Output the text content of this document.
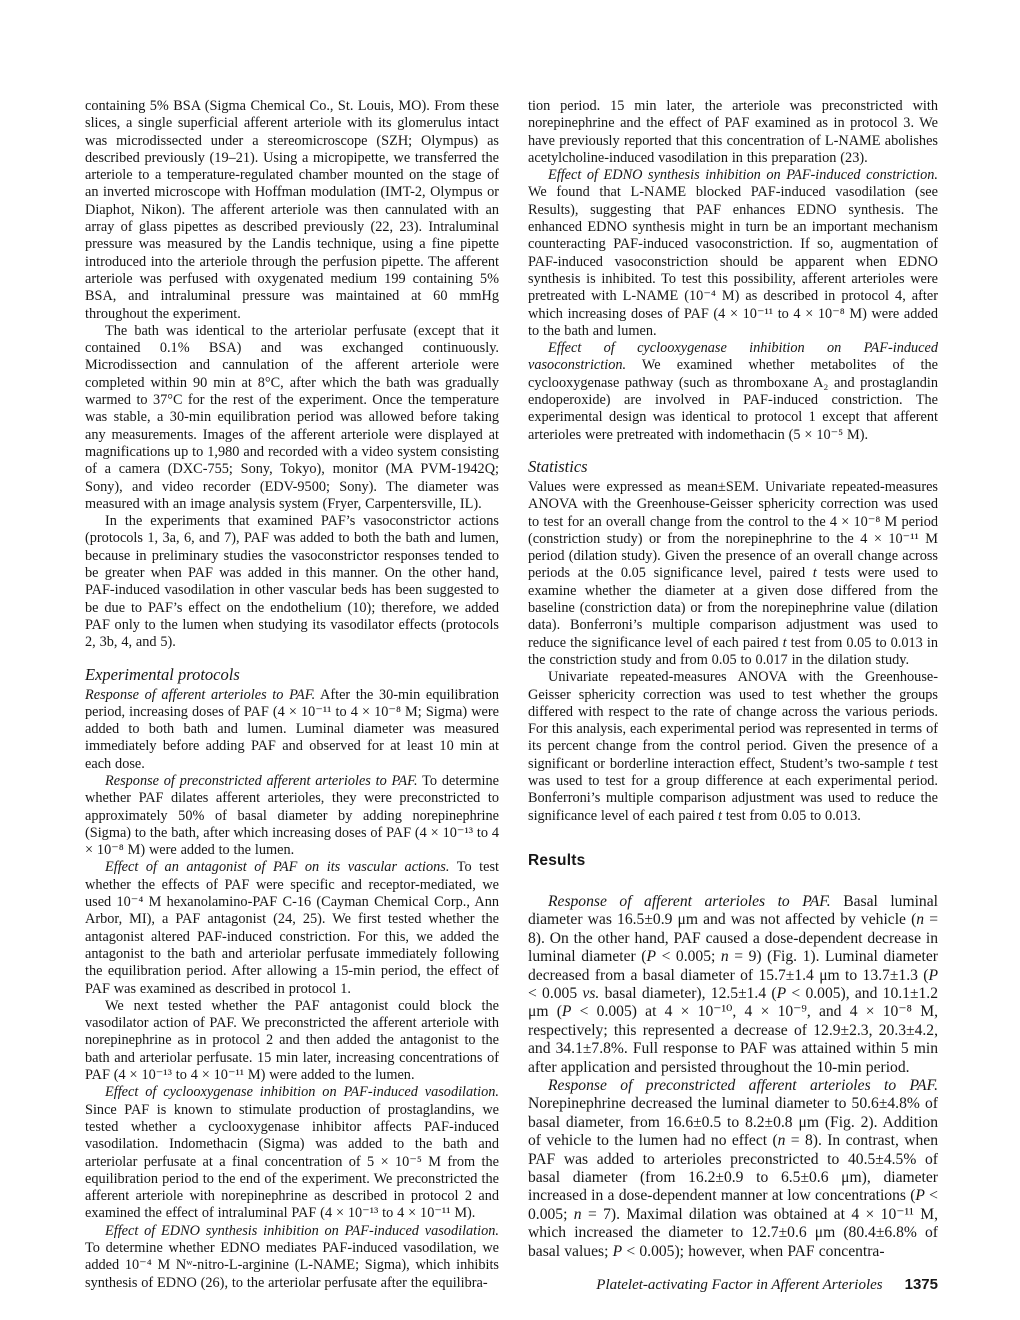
containing 5% BSA (Sigma Chemical Co., St. Louis, MO). From these slices, a single superficial afferent arteriole with its glomerulus intact was microdissected under a stereomicroscope (SZH; Olympus) as described previously (19–21). Using a micropipette, we transferred the arteriole to a temperature-regulated chamber mounted on the stage of an inverted microscope with Hoffman modulation (IMT-2, Olympus or Diaphot, Nikon). The afferent arteriole was then cannulated with an array of glass pipettes as described previously (22, 23). Intraluminal pressure was measured by the Landis technique, using a fine pipette introduced into the arteriole through the perfusion pipette. The afferent arteriole was perfused with oxygenated medium 199 containing 5% BSA, and intraluminal pressure was maintained at 60 mmHg throughout the experiment.

The bath was identical to the arteriolar perfusate (except that it contained 0.1% BSA) and was exchanged continuously. Microdissection and cannulation of the afferent arteriole were completed within 90 min at 8°C, after which the bath was gradually warmed to 37°C for the rest of the experiment. Once the temperature was stable, a 30-min equilibration period was allowed before taking any measurements. Images of the afferent arteriole were displayed at magnifications up to 1,980 and recorded with a video system consisting of a camera (DXC-755; Sony, Tokyo), monitor (MA PVM-1942Q; Sony), and video recorder (EDV-9500; Sony). The diameter was measured with an image analysis system (Fryer, Carpentersville, IL).

In the experiments that examined PAF’s vasoconstrictor actions (protocols 1, 3a, 6, and 7), PAF was added to both the bath and lumen, because in preliminary studies the vasoconstrictor responses tended to be greater when PAF was added in this manner. On the other hand, PAF-induced vasodilation in other vascular beds has been suggested to be due to PAF’s effect on the endothelium (10); therefore, we added PAF only to the lumen when studying its vasodilator effects (protocols 2, 3b, 4, and 5).

Experimental protocols

Response of afferent arterioles to PAF. After the 30-min equilibration period, increasing doses of PAF (4 × 10⁻¹¹ to 4 × 10⁻⁸ M; Sigma) were added to both bath and lumen. Luminal diameter was measured immediately before adding PAF and observed for at least 10 min at each dose.

Response of preconstricted afferent arterioles to PAF. To determine whether PAF dilates afferent arterioles, they were preconstricted to approximately 50% of basal diameter by adding norepinephrine (Sigma) to the bath, after which increasing doses of PAF (4 × 10⁻¹³ to 4 × 10⁻⁸ M) were added to the lumen.

Effect of an antagonist of PAF on its vascular actions. To test whether the effects of PAF were specific and receptor-mediated, we used 10⁻⁴ M hexanolamino-PAF C-16 (Cayman Chemical Corp., Ann Arbor, MI), a PAF antagonist (24, 25). We first tested whether the antagonist altered PAF-induced constriction. For this, we added the antagonist to the bath and arteriolar perfusate immediately following the equilibration period. After allowing a 15-min period, the effect of PAF was examined as described in protocol 1.

We next tested whether the PAF antagonist could block the vasodilator action of PAF. We preconstricted the afferent arteriole with norepinephrine as in protocol 2 and then added the antagonist to the bath and arteriolar perfusate. 15 min later, increasing concentrations of PAF (4 × 10⁻¹³ to 4 × 10⁻¹¹ M) were added to the lumen.

Effect of cyclooxygenase inhibition on PAF-induced vasodilation. Since PAF is known to stimulate production of prostaglandins, we tested whether a cyclooxygenase inhibitor affects PAF-induced vasodilation. Indomethacin (Sigma) was added to the bath and arteriolar perfusate at a final concentration of 5 × 10⁻⁵ M from the equilibration period to the end of the experiment. We preconstricted the afferent arteriole with norepinephrine as described in protocol 2 and examined the effect of intraluminal PAF (4 × 10⁻¹³ to 4 × 10⁻¹¹ M).

Effect of EDNO synthesis inhibition on PAF-induced vasodilation. To determine whether EDNO mediates PAF-induced vasodilation, we added 10⁻⁴ M Nʷ-nitro-L-arginine (L-NAME; Sigma), which inhibits synthesis of EDNO (26), to the arteriolar perfusate after the equilibra-

tion period. 15 min later, the arteriole was preconstricted with norepinephrine and the effect of PAF examined as in protocol 3. We have previously reported that this concentration of L-NAME abolishes acetylcholine-induced vasodilation in this preparation (23).

Effect of EDNO synthesis inhibition on PAF-induced constriction. We found that L-NAME blocked PAF-induced vasodilation (see Results), suggesting that PAF enhances EDNO synthesis. The enhanced EDNO synthesis might in turn be an important mechanism counteracting PAF-induced vasoconstriction. If so, augmentation of PAF-induced vasoconstriction should be apparent when EDNO synthesis is inhibited. To test this possibility, afferent arterioles were pretreated with L-NAME (10⁻⁴ M) as described in protocol 4, after which increasing doses of PAF (4 × 10⁻¹¹ to 4 × 10⁻⁸ M) were added to the bath and lumen.

Effect of cyclooxygenase inhibition on PAF-induced vasoconstriction. We examined whether metabolites of the cyclooxygenase pathway (such as thromboxane A₂ and prostaglandin endoperoxide) are involved in PAF-induced constriction. The experimental design was identical to protocol 1 except that afferent arterioles were pretreated with indomethacin (5 × 10⁻⁵ M).

Statistics

Values were expressed as mean±SEM. Univariate repeated-measures ANOVA with the Greenhouse-Geisser sphericity correction was used to test for an overall change from the control to the 4 × 10⁻⁸ M period (constriction study) or from the norepinephrine to the 4 × 10⁻¹¹ M period (dilation study). Given the presence of an overall change across periods at the 0.05 significance level, paired t tests were used to examine whether the diameter at a given dose differed from the baseline (constriction data) or from the norepinephrine value (dilation data). Bonferroni’s multiple comparison adjustment was used to reduce the significance level of each paired t test from 0.05 to 0.013 in the constriction study and from 0.05 to 0.017 in the dilation study.

Univariate repeated-measures ANOVA with the Greenhouse-Geisser sphericity correction was used to test whether the groups differed with respect to the rate of change across the various periods. For this analysis, each experimental period was represented in terms of its percent change from the control period. Given the presence of a significant or borderline interaction effect, Student’s two-sample t test was used to test for a group difference at each experimental period. Bonferroni’s multiple comparison adjustment was used to reduce the significance level of each paired t test from 0.05 to 0.013.

Results

Response of afferent arterioles to PAF. Basal luminal diameter was 16.5±0.9 μm and was not affected by vehicle (n = 8). On the other hand, PAF caused a dose-dependent decrease in luminal diameter (P < 0.005; n = 9) (Fig. 1). Luminal diameter decreased from a basal diameter of 15.7±1.4 μm to 13.7±1.3 (P < 0.005 vs. basal diameter), 12.5±1.4 (P < 0.005), and 10.1±1.2 μm (P < 0.005) at 4 × 10⁻¹⁰, 4 × 10⁻⁹, and 4 × 10⁻⁸ M, respectively; this represented a decrease of 12.9±2.3, 20.3±4.2, and 34.1±7.8%. Full response to PAF was attained within 5 min after application and persisted throughout the 10-min period.

Response of preconstricted afferent arterioles to PAF. Norepinephrine decreased the luminal diameter to 50.6±4.8% of basal diameter, from 16.6±0.5 to 8.2±0.8 μm (Fig. 2). Addition of vehicle to the lumen had no effect (n = 8). In contrast, when PAF was added to arterioles preconstricted to 40.5±4.5% of basal diameter (from 16.2±0.9 to 6.5±0.6 μm), diameter increased in a dose-dependent manner at low concentrations (P < 0.005; n = 7). Maximal dilation was obtained at 4 × 10⁻¹¹ M, which increased the diameter to 12.7±0.6 μm (80.4±6.8% of basal values; P < 0.005); however, when PAF concentra-

Platelet-activating Factor in Afferent Arterioles 1375
